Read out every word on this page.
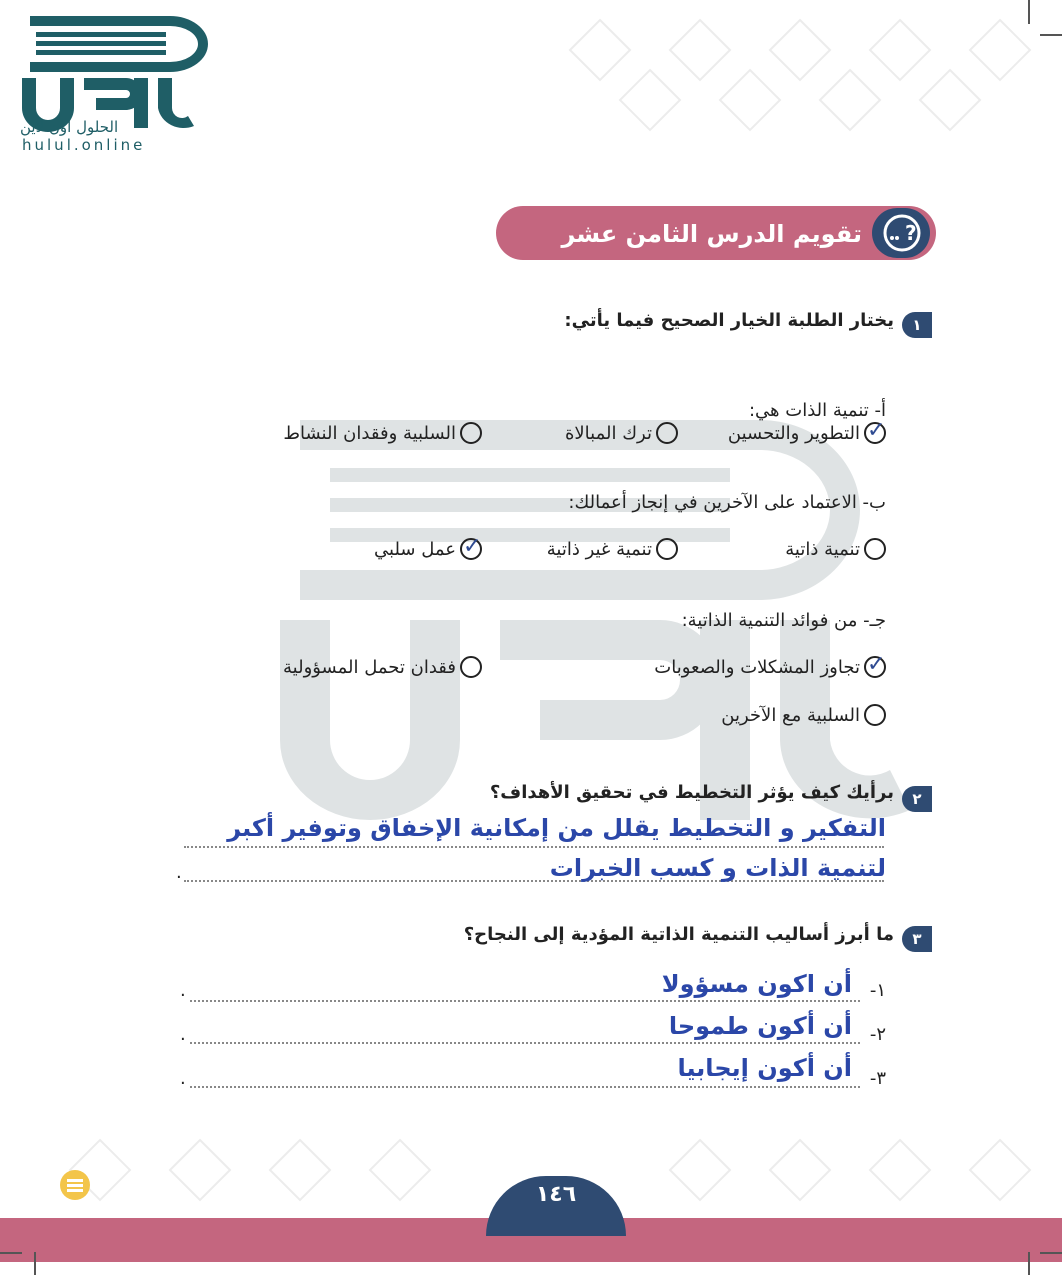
الحلول اون لاين
hulul.online
تقويم الدرس الثامن عشر ?
١
يختار الطلبة الخيار الصحيح فيما يأتي:
أ- تنمية الذات هي:
✓
التطوير والتحسين
ترك المبالاة
السلبية وفقدان النشاط
ب- الاعتماد على الآخرين في إنجاز أعمالك:
تنمية ذاتية
تنمية غير ذاتية
✓
عمل سلبي
جـ- من فوائد التنمية الذاتية:
✓
تجاوز المشكلات والصعوبات
فقدان تحمل المسؤولية
السلبية مع الآخرين
٢
برأيك كيف يؤثر التخطيط في تحقيق الأهداف؟
التفكير و التخطيط يقلل من إمكانية الإخفاق وتوفير أكبر
لتنمية الذات و كسب الخبرات
.
٣
ما أبرز أساليب التنمية الذاتية المؤدية إلى النجاح؟
١-
أن اكون مسؤولا
.
٢-
أن أكون طموحا
.
٣-
أن أكون إيجابيا
.
١٤٦
